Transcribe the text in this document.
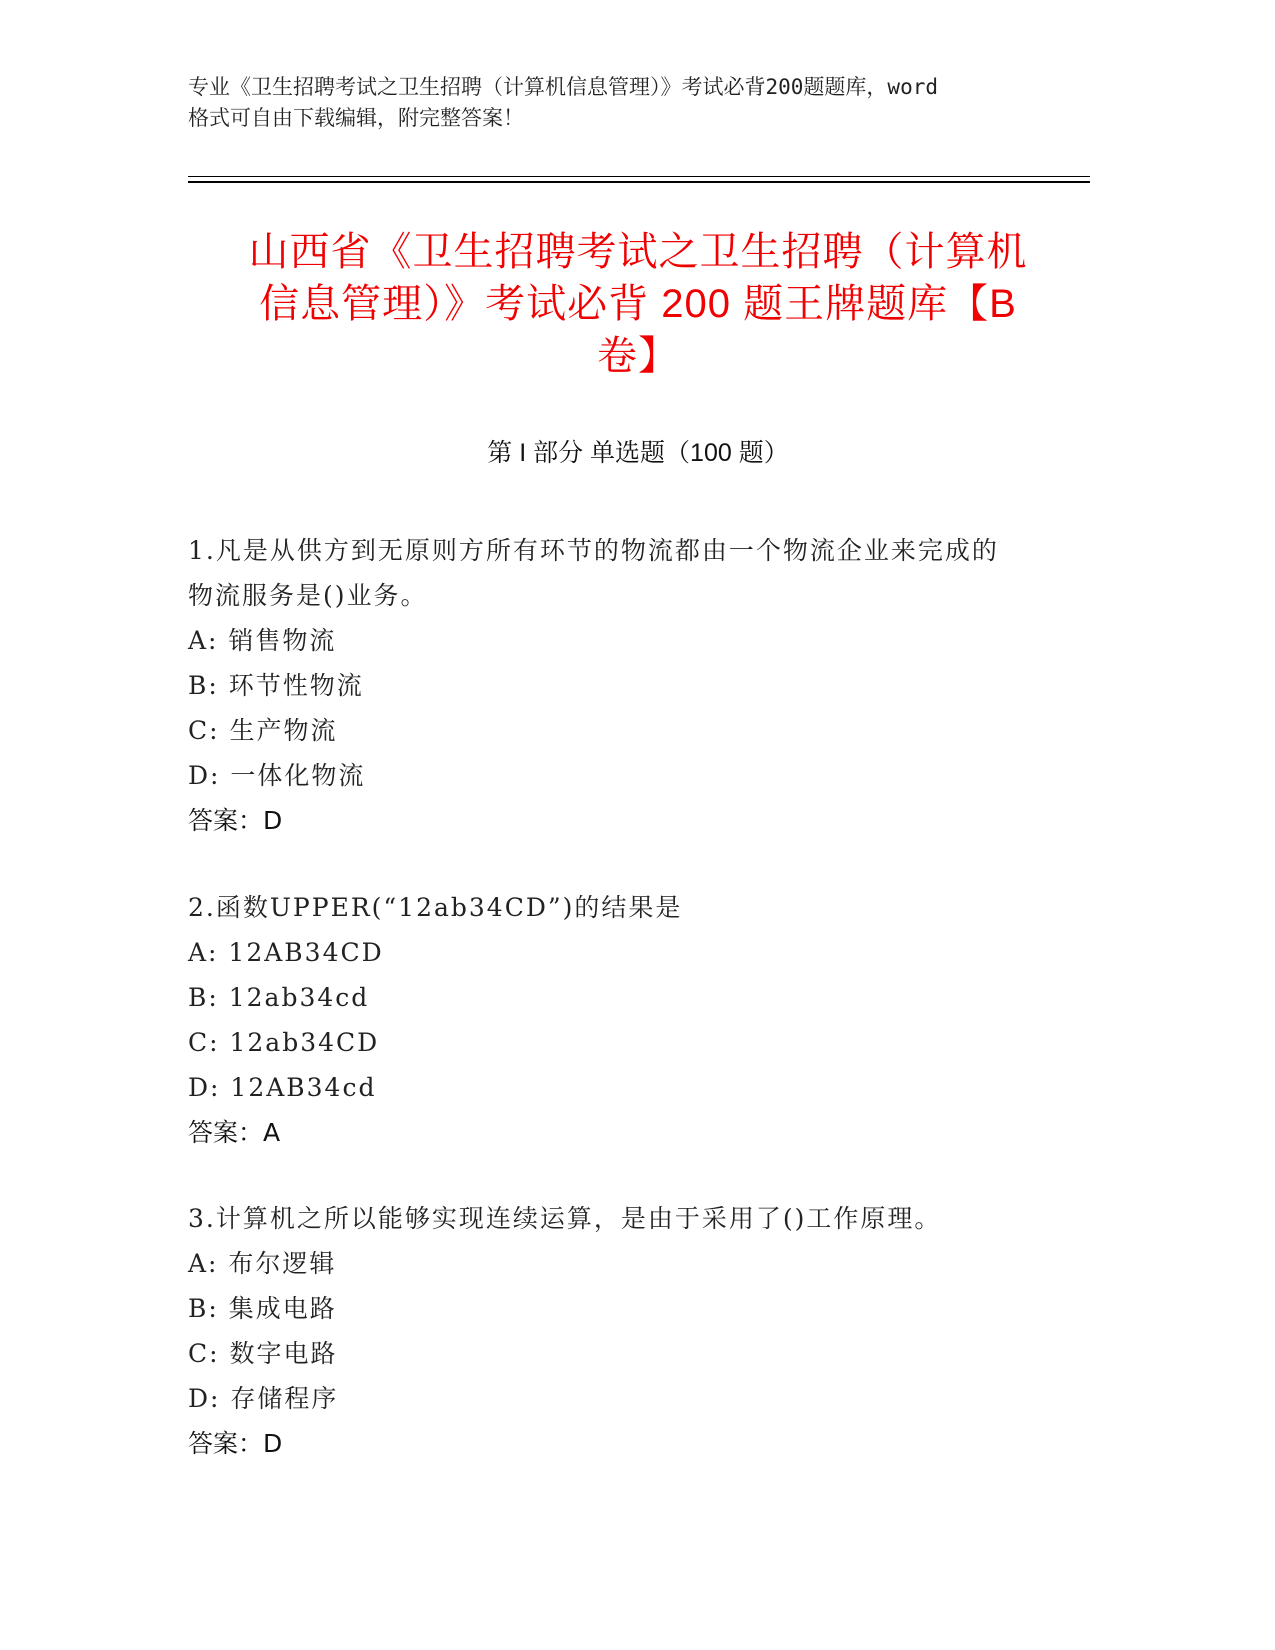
专业《卫生招聘考试之卫生招聘（计算机信息管理）》考试必背200题题库，word
格式可自由下载编辑，附完整答案！
山西省《卫生招聘考试之卫生招聘（计算机
信息管理）》考试必背 200 题王牌题库【B
卷】
第 I 部分 单选题（100 题）

1.凡是从供方到无原则方所有环节的物流都由一个物流企业来完成的

物流服务是()业务。

A: 销售物流
B: 环节性物流
C: 生产物流
D: 一体化物流
答案：D

2.函数UPPER(“12ab34CD”)的结果是

A: 12AB34CD
B: 12ab34cd
C: 12ab34CD
D: 12AB34cd
答案：A

3.计算机之所以能够实现连续运算，是由于采用了()工作原理。

A: 布尔逻辑
B: 集成电路
C: 数字电路
D: 存储程序
答案：D
